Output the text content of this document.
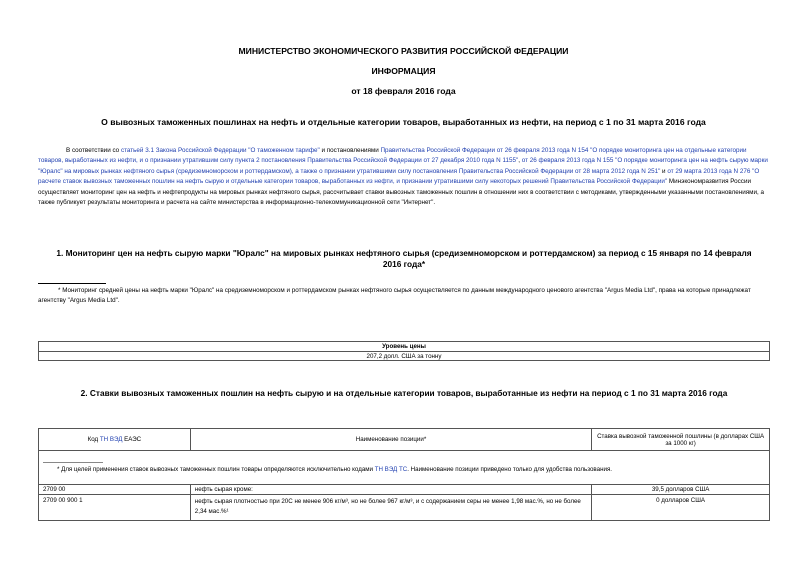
МИНИСТЕРСТВО ЭКОНОМИЧЕСКОГО РАЗВИТИЯ РОССИЙСКОЙ ФЕДЕРАЦИИ
ИНФОРМАЦИЯ
от 18 февраля 2016 года
О вывозных таможенных пошлинах на нефть и отдельные категории товаров, выработанных из нефти, на период с 1 по 31 марта 2016 года
В соответствии со статьей 3.1 Закона Российской Федерации "О таможенном тарифе" и постановлениями Правительства Российской Федерации от 26 февраля 2013 года N 154 "О порядке мониторинга цен на отдельные категории товаров, выработанных из нефти, и о признании утратившим силу пункта 2 постановления Правительства Российской Федерации от 27 декабря 2010 года N 1155", от 26 февраля 2013 года N 155 "О порядке мониторинга цен на нефть сырую марки "Юралс" на мировых рынках нефтяного сырья (средиземноморском и роттердамском), а также о признании утратившими силу постановления Правительства Российской Федерации от 28 марта 2012 года N 251" и от 29 марта 2013 года N 276 "О расчете ставок вывозных таможенных пошлин на нефть сырую и отдельные категории товаров, выработанных из нефти, и признании утратившими силу некоторых решений Правительства Российской Федерации" Минэкономразвития России осуществляет мониторинг цен на нефть и нефтепродукты на мировых рынках нефтяного сырья, рассчитывает ставки вывозных таможенных пошлин в отношении них в соответствии с методиками, утвержденными указанными постановлениями, а также публикует результаты мониторинга и расчета на сайте министерства в информационно-телекоммуникационной сети "Интернет".
1. Мониторинг цен на нефть сырую марки "Юралс" на мировых рынках нефтяного сырья (средиземноморском и роттердамском) за период с 15 января по 14 февраля 2016 года*
* Мониторинг средней цены на нефть марки "Юралс" на средиземноморском и роттердамском рынках нефтяного сырья осуществляется по данным международного ценового агентства "Argus Media Ltd", права на которые принадлежат агентству "Argus Media Ltd".
Уровень цены
207,2 долл. США за тонну
2. Ставки вывозных таможенных пошлин на нефть сырую и на отдельные категории товаров, выработанные из нефти на период с 1 по 31 марта 2016 года
Код ТН ВЭД ЕАЭС	Наименование позиции*	Ставка вывозной таможенной пошлины (в долларах США за 1000 кг)

* Для целей применения ставок вывозных таможенных пошлин товары определяются исключительно кодами ТН ВЭД ТС. Наименование позиции приведено только для удобства пользования.		
2709 00	нефть сырая кроме:	39,5 долларов США
2709 00 900 1	нефть сырая плотностью при 20С не менее 906 кг/м³, но не более 967 кг/м³, и с содержанием серы не менее 1,98 мас.%, но не более 2,34 мас.%¹	0 долларов США
